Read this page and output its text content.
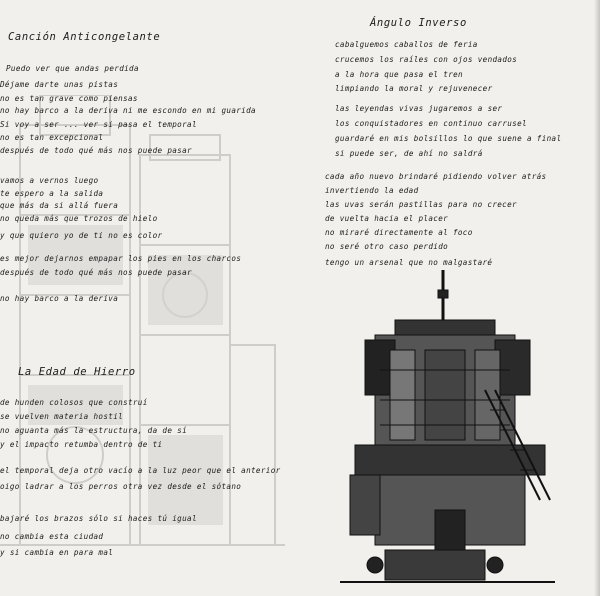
Canción Anticongelante
Puedo ver que andas perdida
Déjame darte unas pistas
no es tan grave como piensas
no hay barco a la deriva ni me escondo en mi guarida
Si voy a ser ... ver si pasa el temporal
no es tan excepcional
después de todo qué más nos puede pasar
vamos a vernos luego
te espero a la salida
que más da si allá fuera
no queda más que trozos de hielo
y que quiero yo de ti no es color
es mejor dejarnos empapar los pies en los charcos
después de todo qué más nos puede pasar
no hay barco a la deriva
La Edad de Hierro
de hunden colosos que construí
se vuelven materia hostil
no aguanta más la estructura, da de sí
y el impacto retumba dentro de ti
el temporal deja otro vacío a la luz peor que el anterior
oigo ladrar a los perros otra vez desde el sótano
bajaré los brazos sólo si haces tú igual
no cambia esta ciudad
y si cambia en para mal
Ángulo Inverso
cabalguemos caballos de feria
crucemos los raíles con ojos vendados
a la hora que pasa el tren
limpiando la moral y rejuvenecer
las leyendas vivas jugaremos a ser
los conquistadores en continuo carrusel
guardaré en mis bolsillos lo que suene a final
si puede ser, de ahí no saldrá
cada año nuevo brindaré pidiendo volver atrás
invertiendo la edad
las uvas serán pastillas para no crecer
de vuelta hacia el placer
no miraré directamente al foco
no seré otro caso perdido
tengo un arsenal que no malgastaré
